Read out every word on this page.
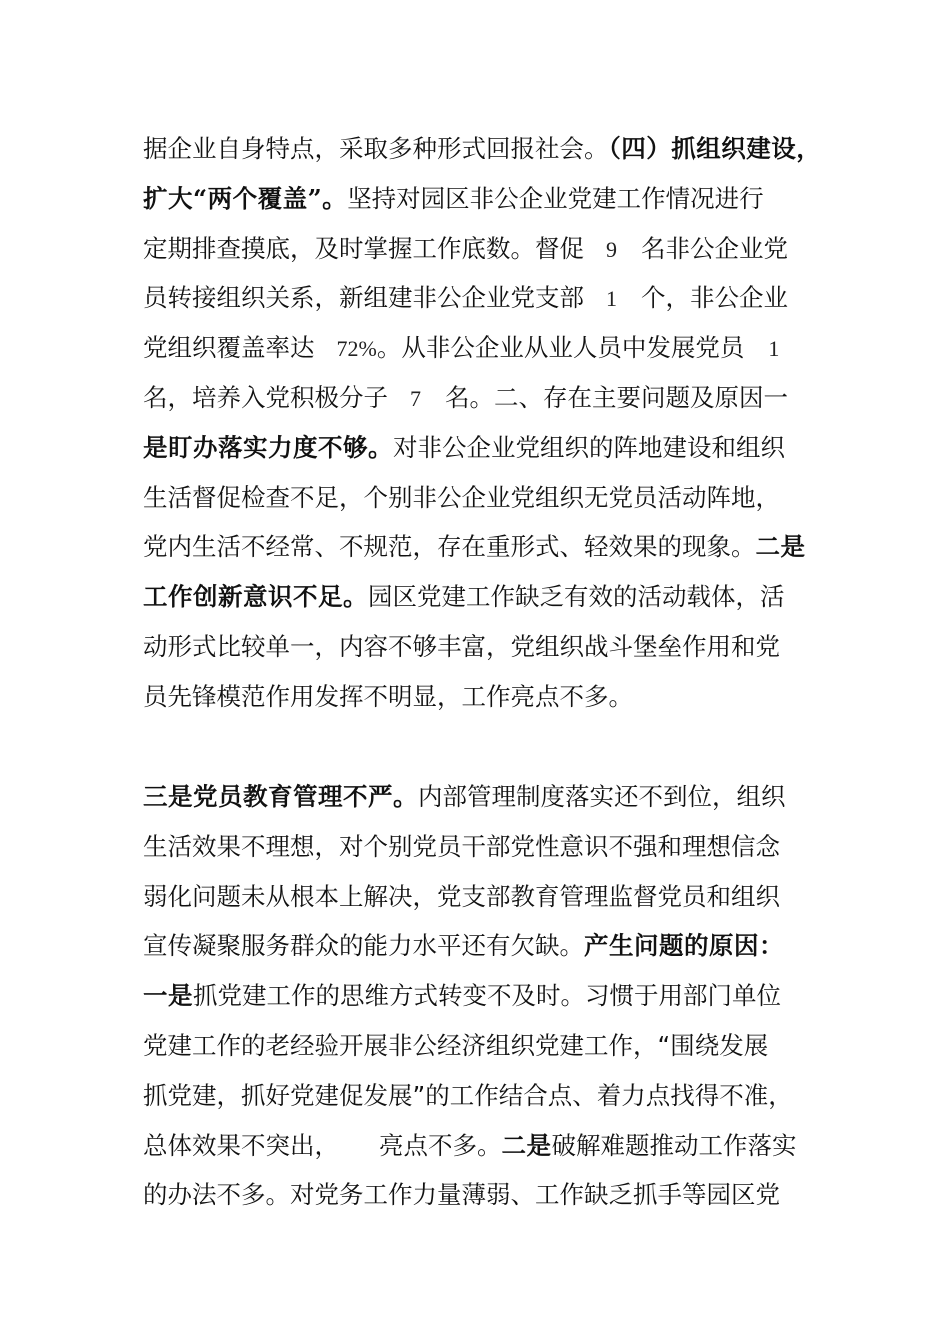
据企业自身特点，采取多种形式回报社会。（四）抓组织建设，
扩大“两个覆盖”。坚持对园区非公企业党建工作情况进行
定期排查摸底，及时掌握工作底数。督促 9 名非公企业党
员转接组织关系，新组建非公企业党支部 1 个，非公企业
党组织覆盖率达 72%。从非公企业从业人员中发展党员 1
名，培养入党积极分子 7 名。二、存在主要问题及原因一
是盯办落实力度不够。对非公企业党组织的阵地建设和组织
生活督促检查不足，个别非公企业党组织无党员活动阵地，
党内生活不经常、不规范，存在重形式、轻效果的现象。二是
工作创新意识不足。园区党建工作缺乏有效的活动载体，活
动形式比较单一，内容不够丰富，党组织战斗堡垒作用和党
员先锋模范作用发挥不明显，工作亮点不多。
三是党员教育管理不严。内部管理制度落实还不到位，组织
生活效果不理想，对个别党员干部党性意识不强和理想信念
弱化问题未从根本上解决，党支部教育管理监督党员和组织
宣传凝聚服务群众的能力水平还有欠缺。产生问题的原因：
一是抓党建工作的思维方式转变不及时。习惯于用部门单位
党建工作的老经验开展非公经济组织党建工作，“围绕发展
抓党建，抓好党建促发展”的工作结合点、着力点找得不准，
总体效果不突出， 亮点不多。二是破解难题推动工作落实
的办法不多。对党务工作力量薄弱、工作缺乏抓手等园区党
